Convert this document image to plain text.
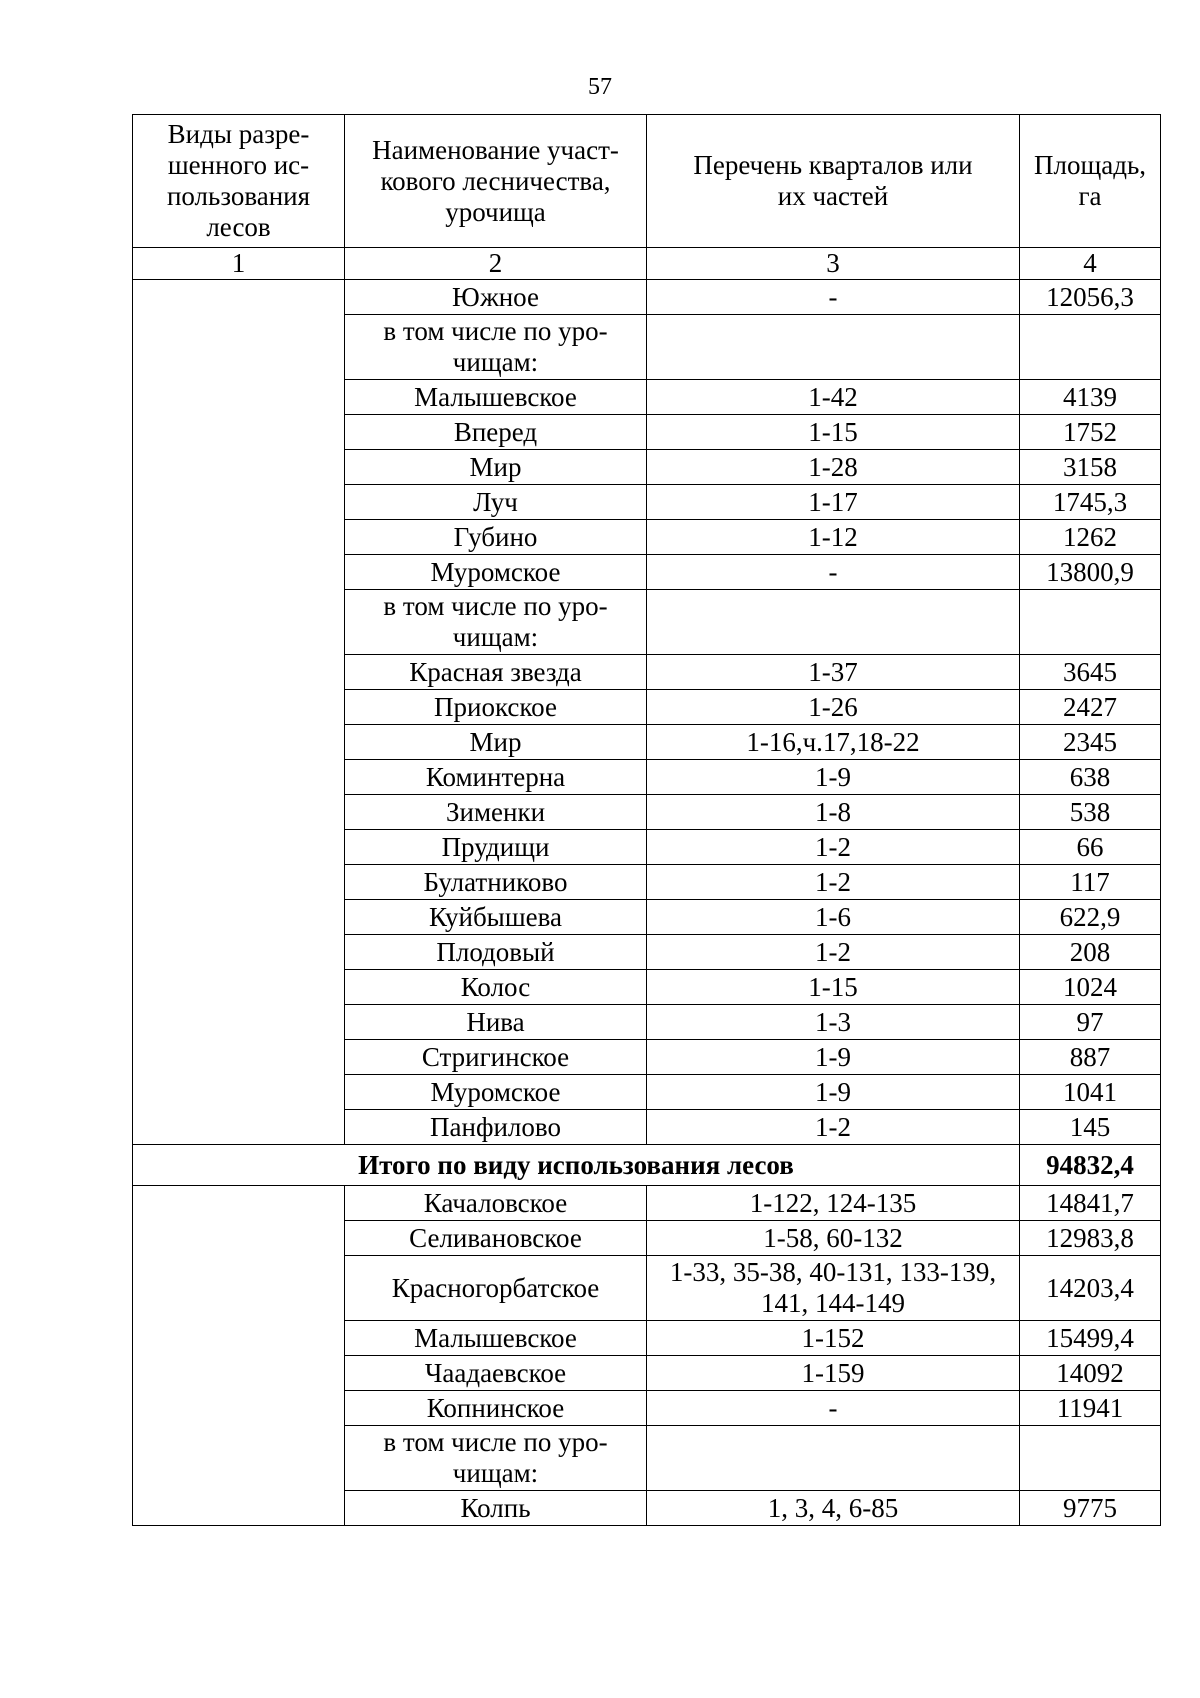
57
Виды разре-
шенного ис-
пользования
лесов	Наименование участ-
кового лесничества,
урочища	Перечень кварталов или
их частей	Площадь,
га
1	2	3	4
	Южное	-	12056,3
	в том числе по уро-
чищам:		
	Малышевское	1-42	4139
	Вперед	1-15	1752
	Мир	1-28	3158
	Луч	1-17	1745,3
	Губино	1-12	1262
	Муромское	-	13800,9
	в том числе по уро-
чищам:		
	Красная звезда	1-37	3645
	Приокское	1-26	2427
	Мир	1-16,ч.17,18-22	2345
	Коминтерна	1-9	638
	Зименки	1-8	538
	Прудищи	1-2	66
	Булатниково	1-2	117
	Куйбышева	1-6	622,9
	Плодовый	1-2	208
	Колос	1-15	1024
	Нива	1-3	97
	Стригинское	1-9	887
	Муромское	1-9	1041
	Панфилово	1-2	145
Итого по виду использования лесов			94832,4
	Качаловское	1-122, 124-135	14841,7
	Селивановское	1-58, 60-132	12983,8
	Красногорбатское	1-33, 35-38, 40-131, 133-139,
141, 144-149	14203,4
	Малышевское	1-152	15499,4
	Чаадаевское	1-159	14092
	Копнинское	-	11941
	в том числе по уро-
чищам:		
	Колпь	1, 3, 4, 6-85	9775
